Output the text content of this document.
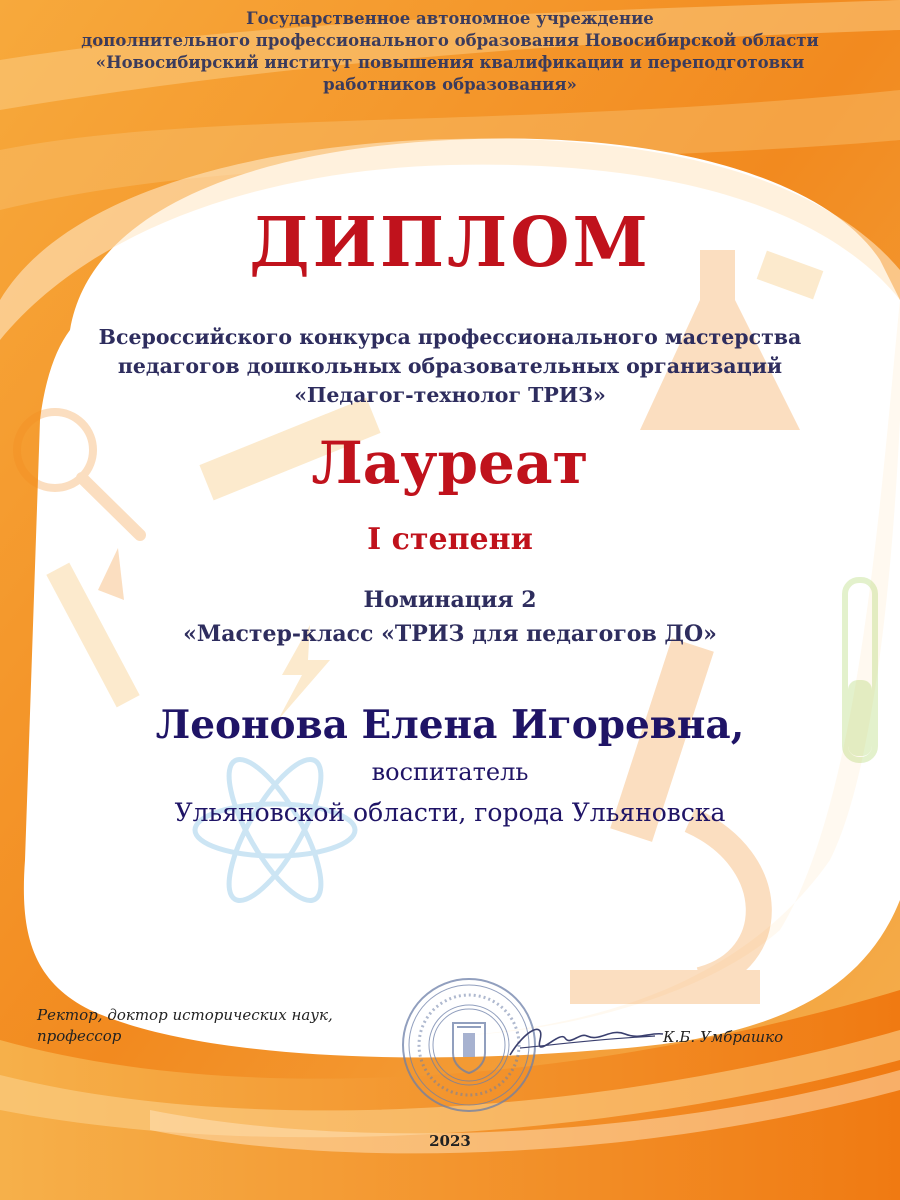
Государственное автономное учреждение
дополнительного профессионального образования Новосибирской области
«Новосибирский институт повышения квалификации и переподготовки
работников образования»
ДИПЛОМ
Всероссийского конкурса профессионального мастерства
педагогов дошкольных образовательных организаций
«Педагог-технолог ТРИЗ»
Лауреат
I степени
Номинация 2
«Мастер-класс «ТРИЗ для педагогов ДО»
Леонова Елена Игоревна,
воспитатель
Ульяновской области, города Ульяновска
Ректор, доктор исторических наук,
профессор	К.Б. Умбрашко
2023
